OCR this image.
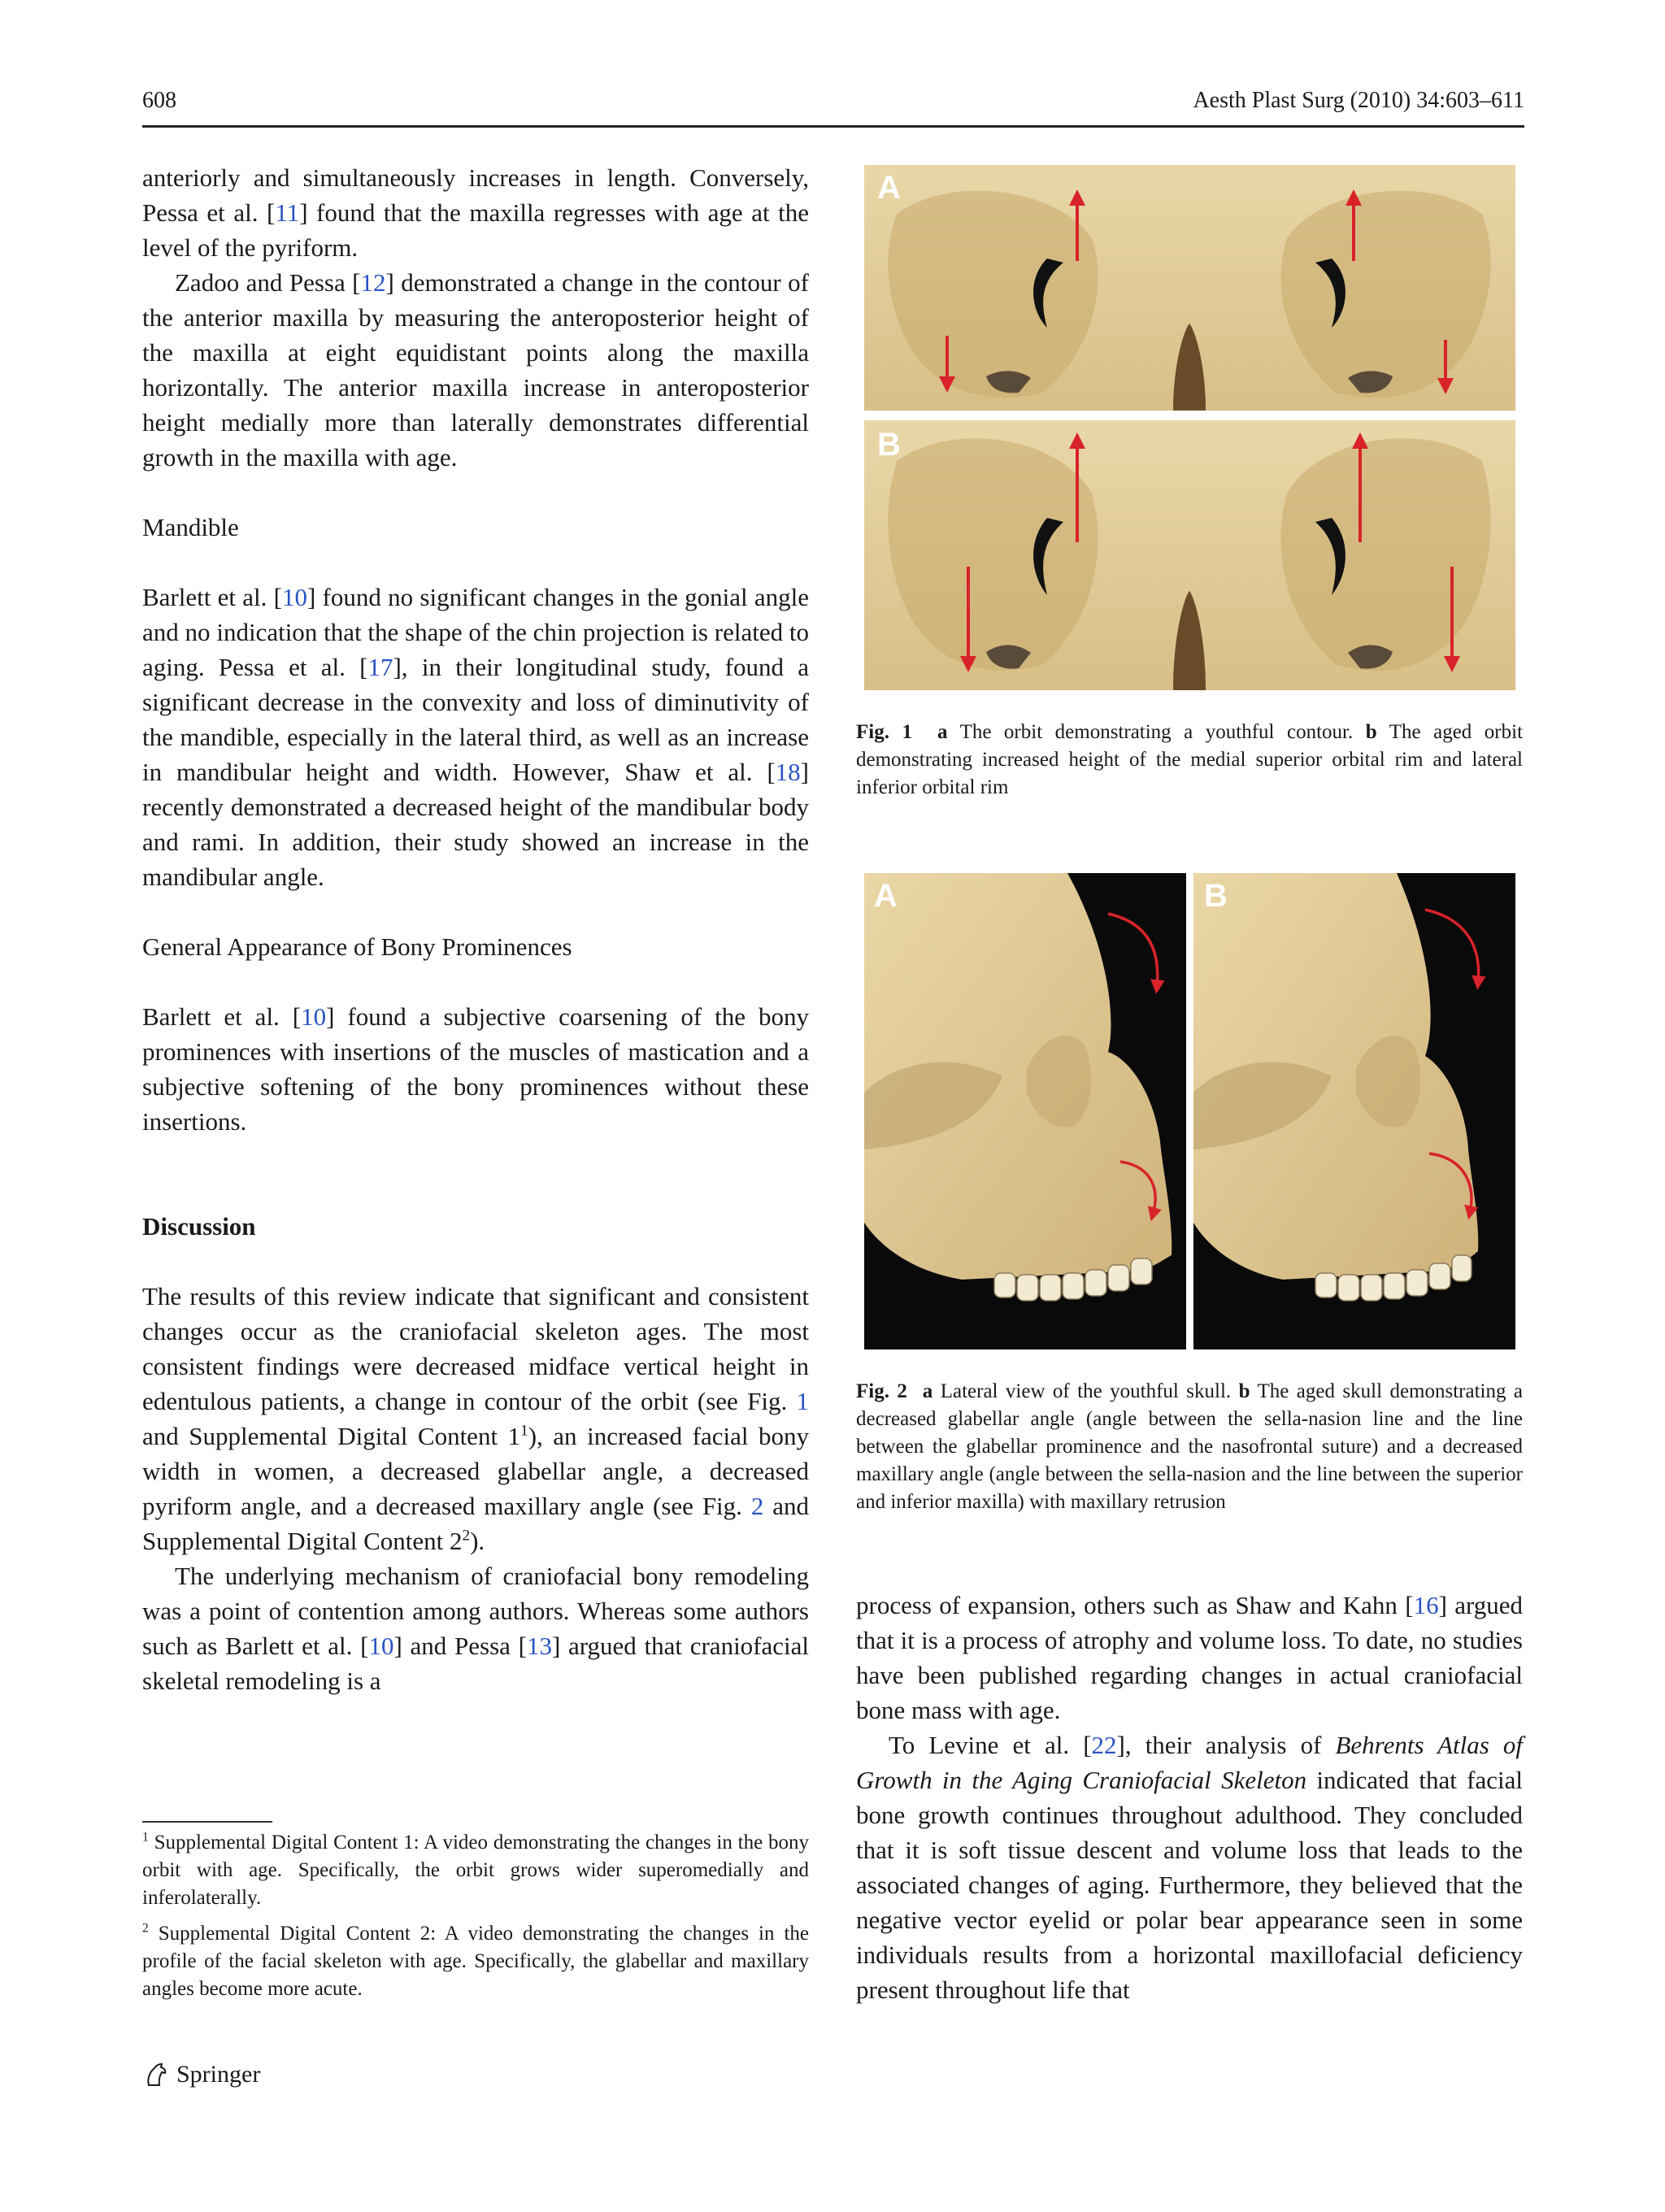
608	Aesth Plast Surg (2010) 34:603–611

anteriorly and simultaneously increases in length. Conversely, Pessa et al. [11] found that the maxilla regresses with age at the level of the pyriform.

Zadoo and Pessa [12] demonstrated a change in the contour of the anterior maxilla by measuring the anteroposterior height of the maxilla at eight equidistant points along the maxilla horizontally. The anterior maxilla increase in anteroposterior height medially more than laterally demonstrates differential growth in the maxilla with age.

Mandible

Barlett et al. [10] found no significant changes in the gonial angle and no indication that the shape of the chin projection is related to aging. Pessa et al. [17], in their longitudinal study, found a significant decrease in the convexity and loss of diminutivity of the mandible, especially in the lateral third, as well as an increase in mandibular height and width. However, Shaw et al. [18] recently demonstrated a decreased height of the mandibular body and rami. In addition, their study showed an increase in the mandibular angle.

General Appearance of Bony Prominences

Barlett et al. [10] found a subjective coarsening of the bony prominences with insertions of the muscles of mastication and a subjective softening of the bony prominences without these insertions.

Discussion

The results of this review indicate that significant and consistent changes occur as the craniofacial skeleton ages. The most consistent findings were decreased midface vertical height in edentulous patients, a change in contour of the orbit (see Fig. 1 and Supplemental Digital Content $1^1$), an increased facial bony width in women, a decreased glabellar angle, a decreased pyriform angle, and a decreased maxillary angle (see Fig. 2 and Supplemental Digital Content $2^2$).

The underlying mechanism of craniofacial bony remodeling was a point of contention among authors. Whereas some authors such as Barlett et al. [10] and Pessa [13] argued that craniofacial skeletal remodeling is a

$^1$ Supplemental Digital Content 1: A video demonstrating the changes in the bony orbit with age. Specifically, the orbit grows wider superomedially and inferolaterally.

$^2$ Supplemental Digital Content 2: A video demonstrating the changes in the profile of the facial skeleton with age. Specifically, the glabellar and maxillary angles become more acute.

Springer
A
B
Fig. 1 a The orbit demonstrating a youthful contour. b The aged orbit demonstrating increased height of the medial superior orbital rim and lateral inferior orbital rim
A	B
Fig. 2 a Lateral view of the youthful skull. b The aged skull demonstrating a decreased glabellar angle (angle between the sella-nasion line and the line between the glabellar prominence and the nasofrontal suture) and a decreased maxillary angle (angle between the sella-nasion and the line between the superior and inferior maxilla) with maxillary retrusion

process of expansion, others such as Shaw and Kahn [16] argued that it is a process of atrophy and volume loss. To date, no studies have been published regarding changes in actual craniofacial bone mass with age.

To Levine et al. [22], their analysis of Behrents Atlas of Growth in the Aging Craniofacial Skeleton indicated that facial bone growth continues throughout adulthood. They concluded that it is soft tissue descent and volume loss that leads to the associated changes of aging. Furthermore, they believed that the negative vector eyelid or polar bear appearance seen in some individuals results from a horizontal maxillofacial deficiency present throughout life that
